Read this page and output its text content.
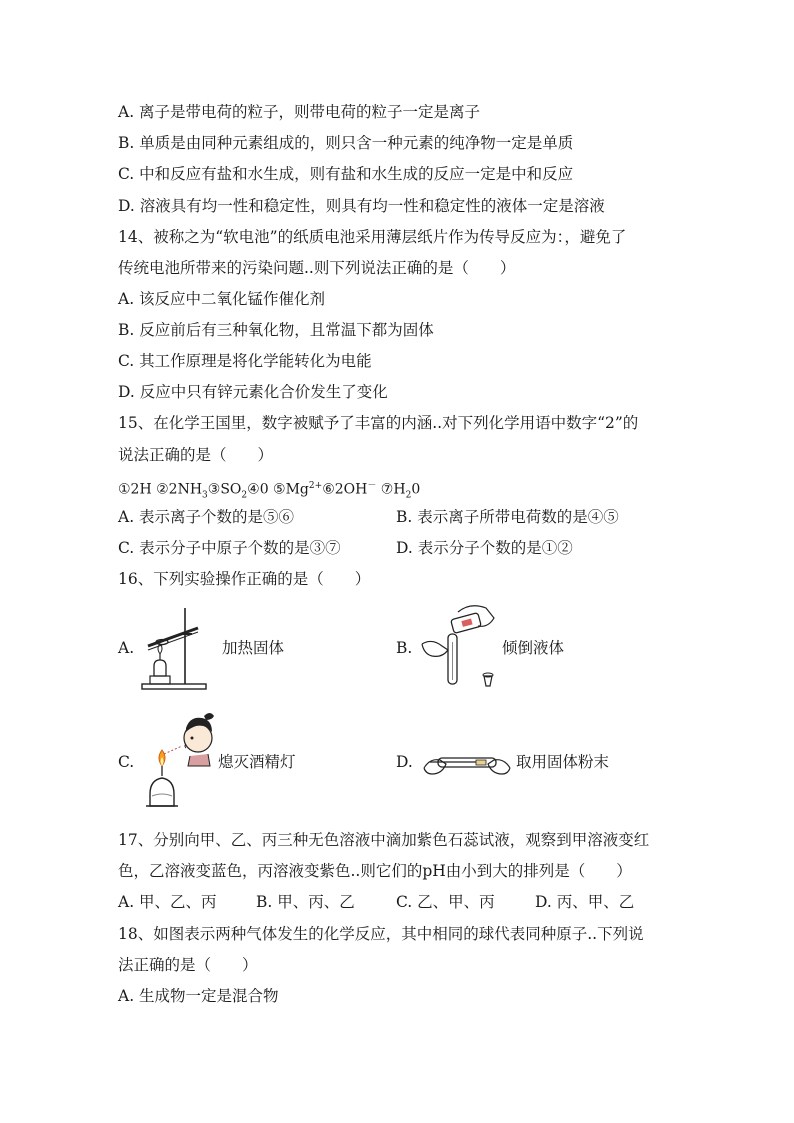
A. 离子是带电荷的粒子，则带电荷的粒子一定是离子
B. 单质是由同种元素组成的，则只含一种元素的纯净物一定是单质
C. 中和反应有盐和水生成，则有盐和水生成的反应一定是中和反应
D. 溶液具有均一性和稳定性，则具有均一性和稳定性的液体一定是溶液
14、被称之为“软电池”的纸质电池采用薄层纸片作为传导反应为：，避免了
传统电池所带来的污染问题..则下列说法正确的是（　　）
A. 该反应中二氧化锰作催化剂
B. 反应前后有三种氧化物，且常温下都为固体
C. 其工作原理是将化学能转化为电能
D. 反应中只有锌元素化合价发生了变化
15、在化学王国里，数字被赋予了丰富的内涵..对下列化学用语中数字“2”的
说法正确的是（　　）
①2H $②2NH_3③SO_2④0$ $⑤Mg^{2+}⑥2OH^-$ $⑦H_20$
A. 表示离子个数的是⑤⑥	B. 表示离子所带电荷数的是④⑤
C. 表示分子中原子个数的是③⑦	D. 表示分子个数的是①②
16、下列实验操作正确的是（　　）
A.	加热固体	B.	倾倒液体
C.	熄灭酒精灯	D.	取用固体粉末
17、分别向甲、乙、丙三种无色溶液中滴加紫色石蕊试液，观察到甲溶液变红
色，乙溶液变蓝色，丙溶液变紫色..则它们的pH由小到大的排列是（　　）
A. 甲、乙、丙	B. 甲、丙、乙	C. 乙、甲、丙	D. 丙、甲、乙
18、如图表示两种气体发生的化学反应，其中相同的球代表同种原子..下列说
法正确的是（　　）
A. 生成物一定是混合物
